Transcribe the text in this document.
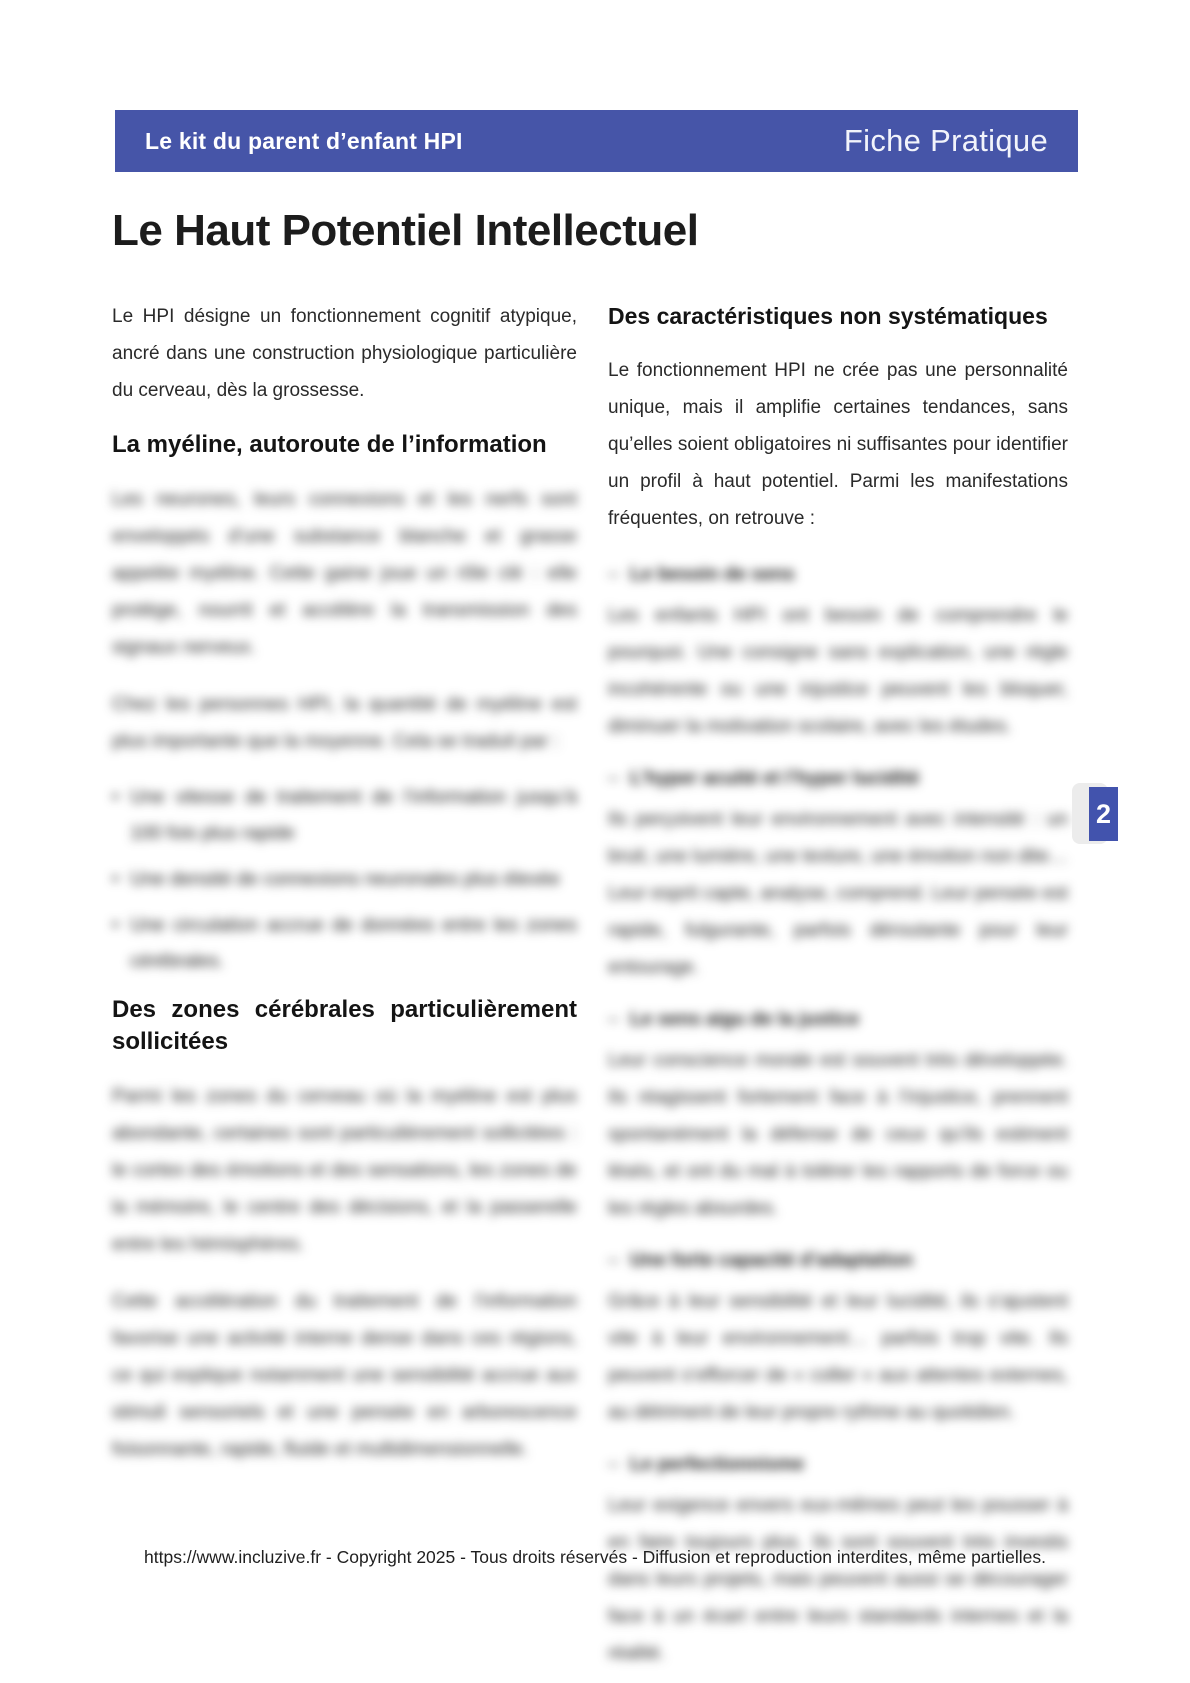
Le kit du parent d’enfant HPI	Fiche Pratique
Le Haut Potentiel Intellectuel

Le HPI désigne un fonctionnement cognitif atypique, ancré dans une construction physiologique particulière du cerveau, dès la grossesse.

La myéline, autoroute de l’information

Les neurones, leurs connexions et les nerfs sont enveloppés d’une substance blanche et grasse appelée myéline. Cette gaine joue un rôle clé : elle protège, nourrit et accélère la transmission des signaux nerveux.

Chez les personnes HPI, la quantité de myéline est plus importante que la moyenne. Cela se traduit par :

• Une vitesse de traitement de l’information jusqu’à 100 fois plus rapide
• Une densité de connexions neuronales plus élevée
• Une circulation accrue de données entre les zones cérébrales.
Des zones cérébrales particulièrement sollicitées

Parmi les zones du cerveau où la myéline est plus abondante, certaines sont particulièrement sollicitées : le cortex des émotions et des sensations, les zones de la mémoire, le centre des décisions, et la passerelle entre les hémisphères.

Cette accélération du traitement de l’information favorise une activité interne dense dans ces régions, ce qui explique notamment une sensibilité accrue aux stimuli sensoriels et une pensée en arborescence foisonnante, rapide, fluide et multidimensionnelle.

Des caractéristiques non systématiques

Le fonctionnement HPI ne crée pas une personnalité unique, mais il amplifie certaines tendances, sans qu’elles soient obligatoires ni suffisantes pour identifier un profil à haut potentiel. Parmi les manifestations fréquentes, on retrouve :

– Le besoin de sens

Les enfants HPI ont besoin de comprendre le pourquoi. Une consigne sans explication, une règle incohérente ou une injustice peuvent les bloquer, diminuer la motivation scolaire, avec les études.

– L’hyper acuité et l’hyper lucidité

Ils perçoivent leur environnement avec intensité : un bruit, une lumière, une texture, une émotion non dite… Leur esprit capte, analyse, comprend. Leur pensée est rapide, fulgurante, parfois déroutante pour leur entourage.

– Le sens aigu de la justice

Leur conscience morale est souvent très développée. Ils réagissent fortement face à l’injustice, prennent spontanément la défense de ceux qu’ils estiment lésés, et ont du mal à tolérer les rapports de force ou les règles absurdes.

– Une forte capacité d’adaptation

Grâce à leur sensibilité et leur lucidité, ils s’ajustent vite à leur environnement… parfois trop vite. Ils peuvent s’efforcer de « coller » aux attentes externes, au détriment de leur propre rythme au quotidien.

– Le perfectionnisme

Leur exigence envers eux-mêmes peut les pousser à en faire toujours plus. Ils sont souvent très investis dans leurs projets, mais peuvent aussi se décourager face à un écart entre leurs standards internes et la réalité.

2
https://www.incluzive.fr - Copyright 2025 - Tous droits réservés - Diffusion et reproduction interdites, même partielles.
